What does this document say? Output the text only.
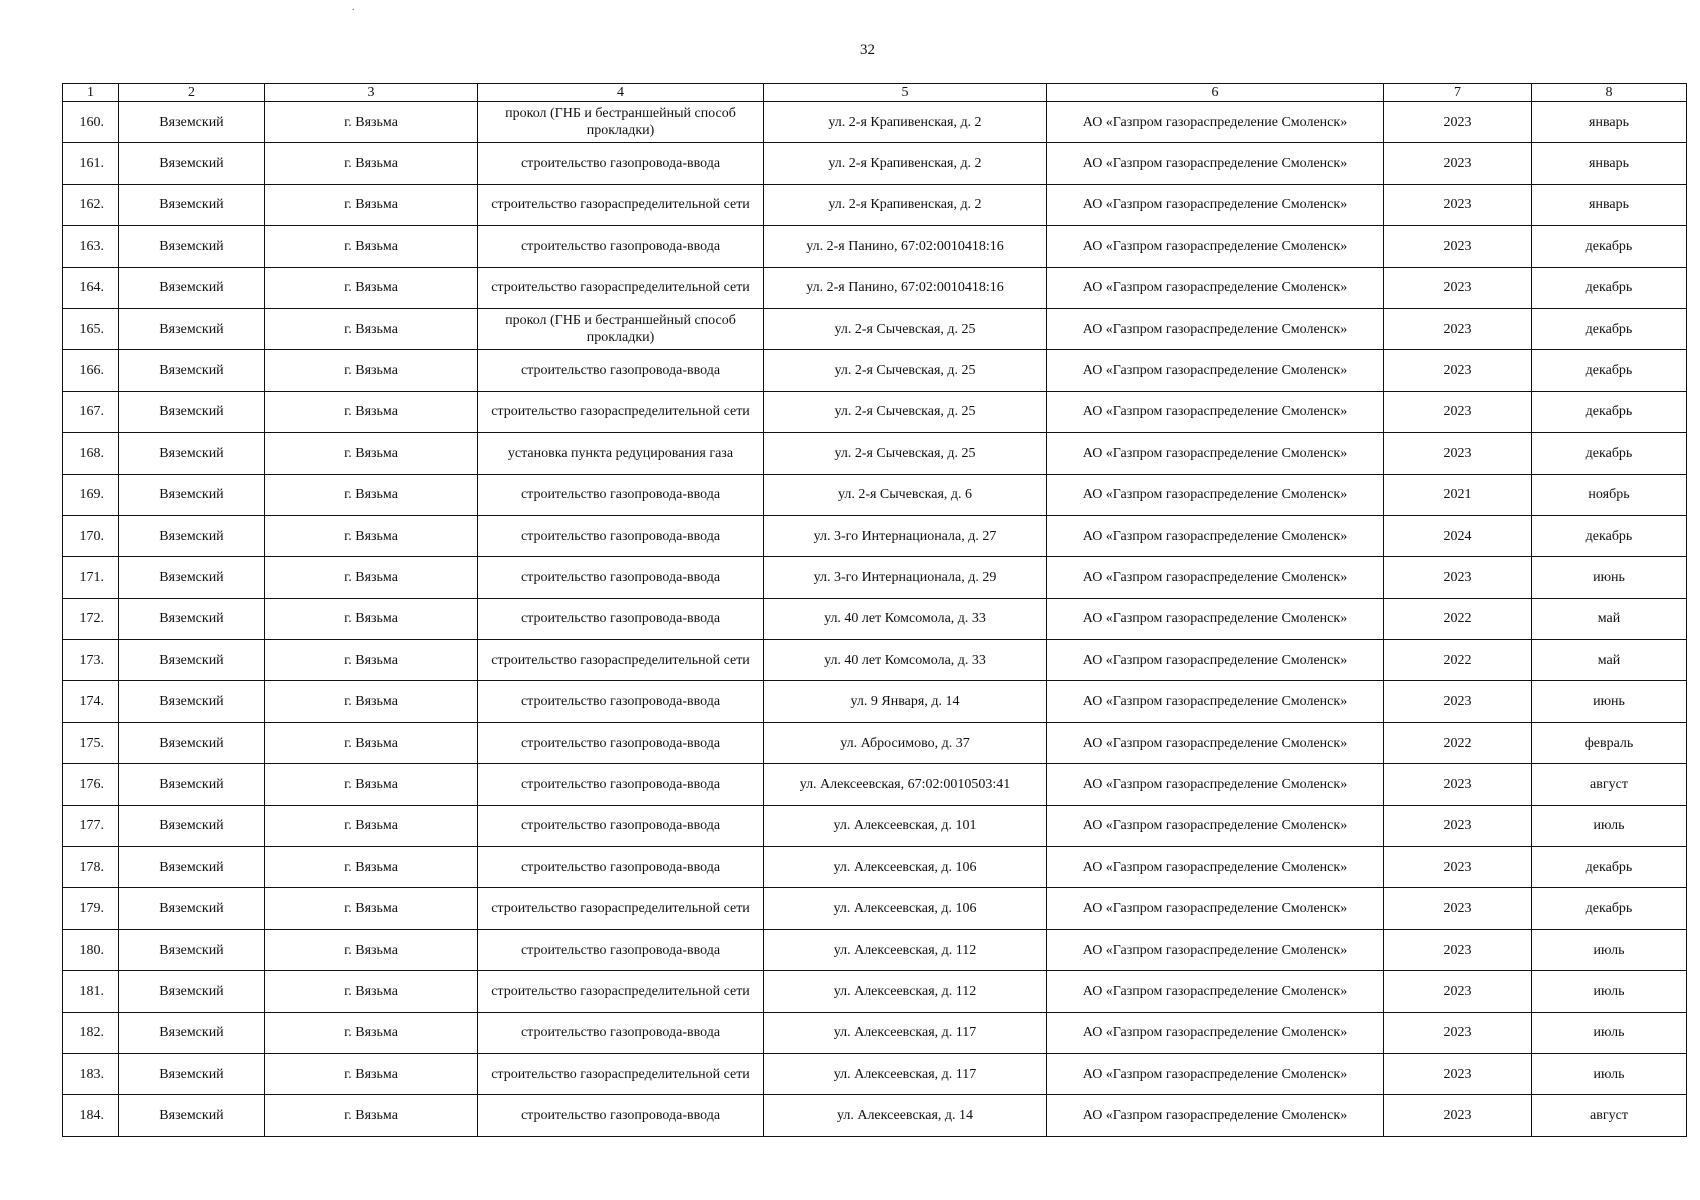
.
32
1	2	3	4	5	6	7	8
160.	Вяземский	г. Вязьма	прокол (ГНБ и бестраншейный способ прокладки)	ул. 2-я Крапивенская, д. 2	АО «Газпром газораспределение Смоленск»	2023	январь
161.	Вяземский	г. Вязьма	строительство газопровода-ввода	ул. 2-я Крапивенская, д. 2	АО «Газпром газораспределение Смоленск»	2023	январь
162.	Вяземский	г. Вязьма	строительство газораспределительной сети	ул. 2-я Крапивенская, д. 2	АО «Газпром газораспределение Смоленск»	2023	январь
163.	Вяземский	г. Вязьма	строительство газопровода-ввода	ул. 2-я Панино, 67:02:0010418:16	АО «Газпром газораспределение Смоленск»	2023	декабрь
164.	Вяземский	г. Вязьма	строительство газораспределительной сети	ул. 2-я Панино, 67:02:0010418:16	АО «Газпром газораспределение Смоленск»	2023	декабрь
165.	Вяземский	г. Вязьма	прокол (ГНБ и бестраншейный способ прокладки)	ул. 2-я Сычевская, д. 25	АО «Газпром газораспределение Смоленск»	2023	декабрь
166.	Вяземский	г. Вязьма	строительство газопровода-ввода	ул. 2-я Сычевская, д. 25	АО «Газпром газораспределение Смоленск»	2023	декабрь
167.	Вяземский	г. Вязьма	строительство газораспределительной сети	ул. 2-я Сычевская, д. 25	АО «Газпром газораспределение Смоленск»	2023	декабрь
168.	Вяземский	г. Вязьма	установка пункта редуцирования газа	ул. 2-я Сычевская, д. 25	АО «Газпром газораспределение Смоленск»	2023	декабрь
169.	Вяземский	г. Вязьма	строительство газопровода-ввода	ул. 2-я Сычевская, д. 6	АО «Газпром газораспределение Смоленск»	2021	ноябрь
170.	Вяземский	г. Вязьма	строительство газопровода-ввода	ул. 3-го Интернационала, д. 27	АО «Газпром газораспределение Смоленск»	2024	декабрь
171.	Вяземский	г. Вязьма	строительство газопровода-ввода	ул. 3-го Интернационала, д. 29	АО «Газпром газораспределение Смоленск»	2023	июнь
172.	Вяземский	г. Вязьма	строительство газопровода-ввода	ул. 40 лет Комсомола, д. 33	АО «Газпром газораспределение Смоленск»	2022	май
173.	Вяземский	г. Вязьма	строительство газораспределительной сети	ул. 40 лет Комсомола, д. 33	АО «Газпром газораспределение Смоленск»	2022	май
174.	Вяземский	г. Вязьма	строительство газопровода-ввода	ул. 9 Января, д. 14	АО «Газпром газораспределение Смоленск»	2023	июнь
175.	Вяземский	г. Вязьма	строительство газопровода-ввода	ул. Абросимово, д. 37	АО «Газпром газораспределение Смоленск»	2022	февраль
176.	Вяземский	г. Вязьма	строительство газопровода-ввода	ул. Алексеевская, 67:02:0010503:41	АО «Газпром газораспределение Смоленск»	2023	август
177.	Вяземский	г. Вязьма	строительство газопровода-ввода	ул. Алексеевская, д. 101	АО «Газпром газораспределение Смоленск»	2023	июль
178.	Вяземский	г. Вязьма	строительство газопровода-ввода	ул. Алексеевская, д. 106	АО «Газпром газораспределение Смоленск»	2023	декабрь
179.	Вяземский	г. Вязьма	строительство газораспределительной сети	ул. Алексеевская, д. 106	АО «Газпром газораспределение Смоленск»	2023	декабрь
180.	Вяземский	г. Вязьма	строительство газопровода-ввода	ул. Алексеевская, д. 112	АО «Газпром газораспределение Смоленск»	2023	июль
181.	Вяземский	г. Вязьма	строительство газораспределительной сети	ул. Алексеевская, д. 112	АО «Газпром газораспределение Смоленск»	2023	июль
182.	Вяземский	г. Вязьма	строительство газопровода-ввода	ул. Алексеевская, д. 117	АО «Газпром газораспределение Смоленск»	2023	июль
183.	Вяземский	г. Вязьма	строительство газораспределительной сети	ул. Алексеевская, д. 117	АО «Газпром газораспределение Смоленск»	2023	июль
184.	Вяземский	г. Вязьма	строительство газопровода-ввода	ул. Алексеевская, д. 14	АО «Газпром газораспределение Смоленск»	2023	август
